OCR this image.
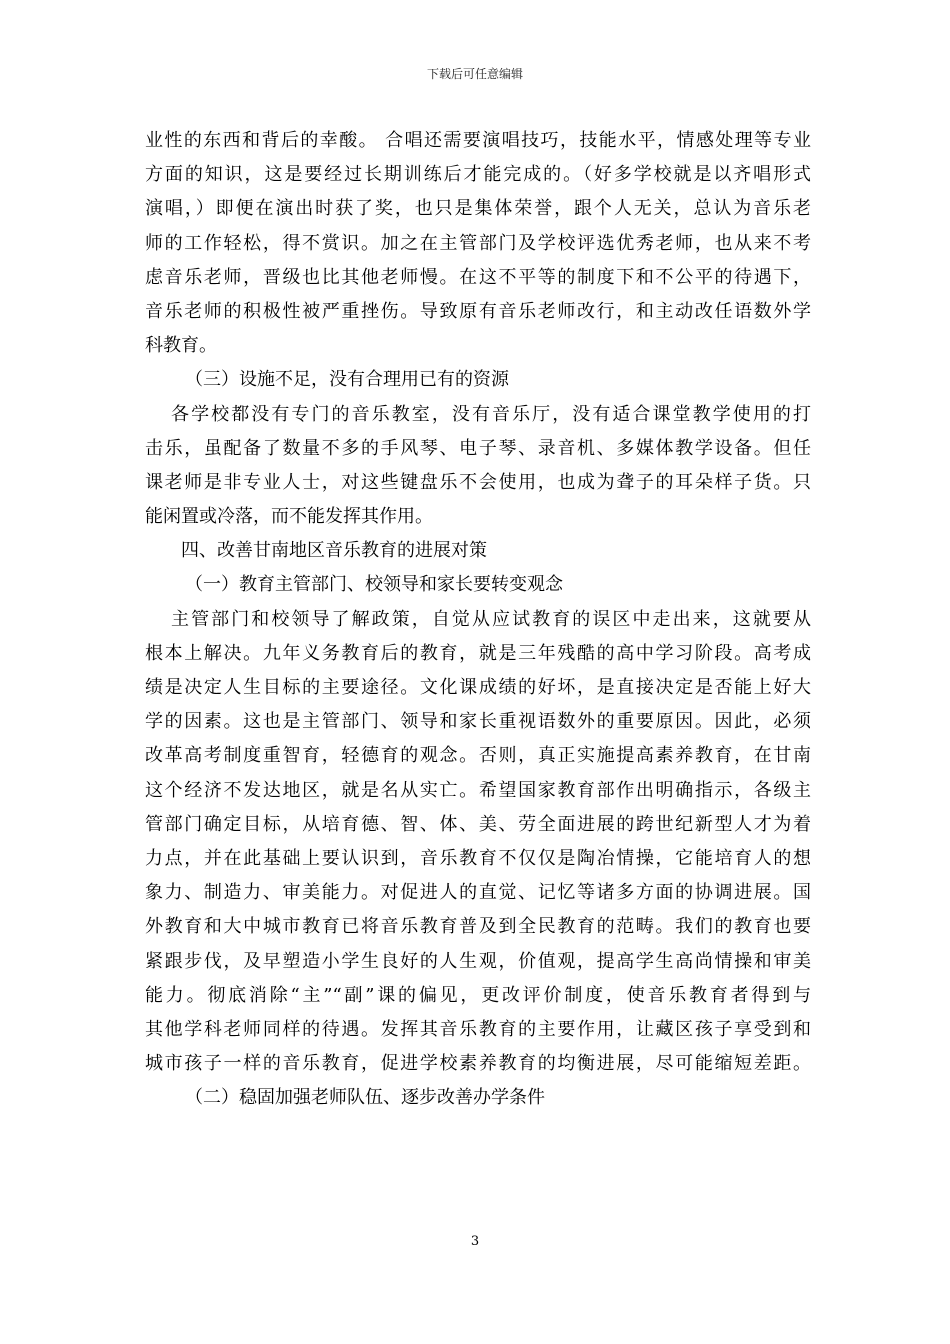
下载后可任意编辑
业性的东西和背后的幸酸。 合唱还需要演唱技巧，技能水平，情感处理等专业
方面的知识，这是要经过长期训练后才能完成的。（好多学校就是以齐唱形式
演唱，）即便在演出时获了奖，也只是集体荣誉，跟个人无关，总认为音乐老
师的工作轻松，得不赏识。加之在主管部门及学校评选优秀老师，也从来不考
虑音乐老师，晋级也比其他老师慢。在这不平等的制度下和不公平的待遇下，
音乐老师的积极性被严重挫伤。导致原有音乐老师改行，和主动改任语数外学
科教育。
（三）设施不足，没有合理用已有的资源
各学校都没有专门的音乐教室，没有音乐厅，没有适合课堂教学使用的打
击乐，虽配备了数量不多的手风琴、电子琴、录音机、多媒体教学设备。但任
课老师是非专业人士，对这些键盘乐不会使用，也成为聋子的耳朵样子货。只
能闲置或冷落，而不能发挥其作用。
四、改善甘南地区音乐教育的进展对策
（一）教育主管部门、校领导和家长要转变观念
主管部门和校领导了解政策，自觉从应试教育的误区中走出来，这就要从
根本上解决。九年义务教育后的教育，就是三年残酷的高中学习阶段。高考成
绩是决定人生目标的主要途径。文化课成绩的好坏，是直接决定是否能上好大
学的因素。这也是主管部门、领导和家长重视语数外的重要原因。因此，必须
改革高考制度重智育，轻德育的观念。否则，真正实施提高素养教育，在甘南
这个经济不发达地区，就是名从实亡。希望国家教育部作出明确指示，各级主
管部门确定目标，从培育德、智、体、美、劳全面进展的跨世纪新型人才为着
力点，并在此基础上要认识到，音乐教育不仅仅是陶冶情操，它能培育人的想
象力、制造力、审美能力。对促进人的直觉、记忆等诸多方面的协调进展。国
外教育和大中城市教育已将音乐教育普及到全民教育的范畴。我们的教育也要
紧跟步伐，及早塑造小学生良好的人生观，价值观，提高学生高尚情操和审美
能力。彻底消除“主”“副”课的偏见，更改评价制度，使音乐教育者得到与
其他学科老师同样的待遇。发挥其音乐教育的主要作用，让藏区孩子享受到和
城市孩子一样的音乐教育，促进学校素养教育的均衡进展，尽可能缩短差距。
（二）稳固加强老师队伍、逐步改善办学条件
3
